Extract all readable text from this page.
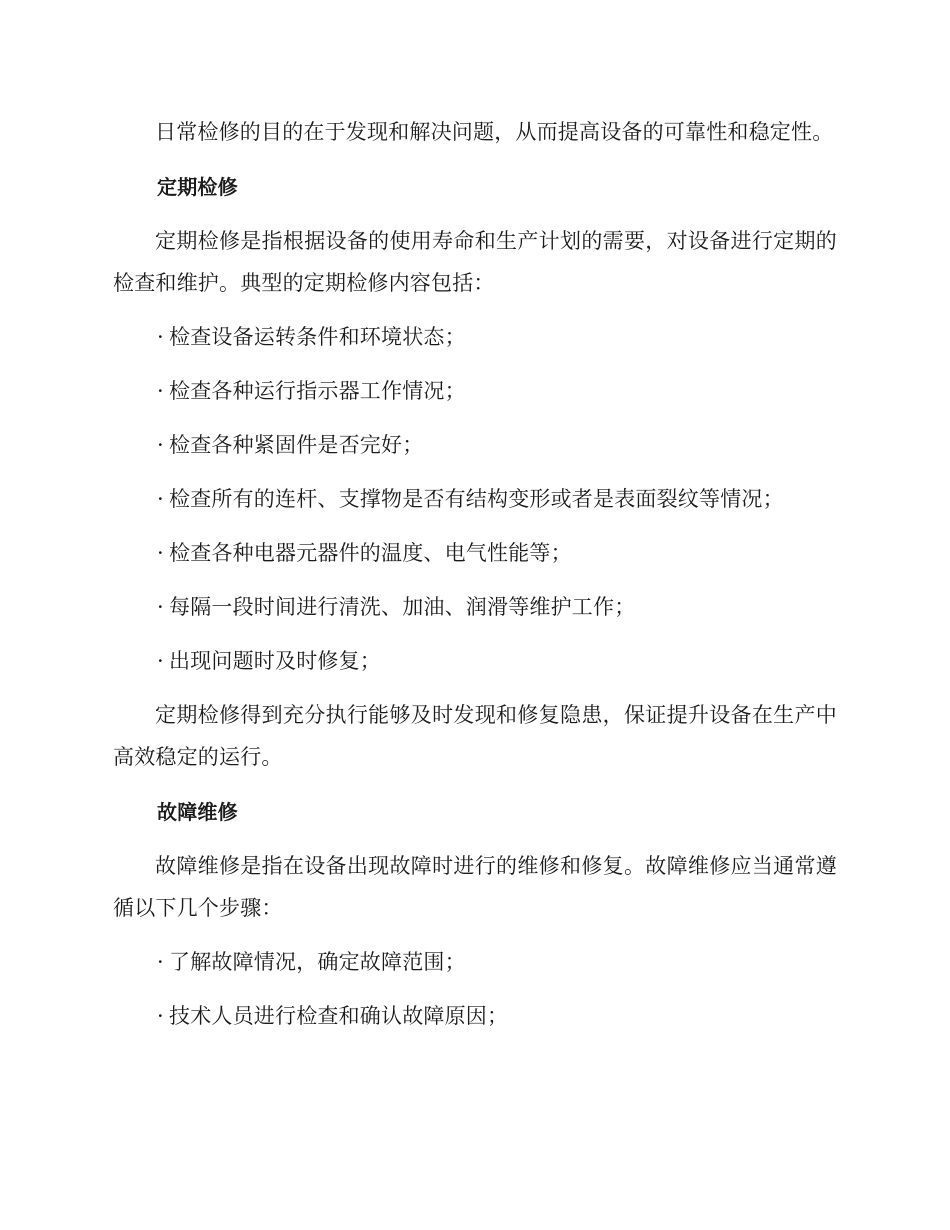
日常检修的目的在于发现和解决问题，从而提高设备的可靠性和稳定性。

定期检修

定期检修是指根据设备的使用寿命和生产计划的需要，对设备进行定期的检查和维护。典型的定期检修内容包括：

· 检查设备运转条件和环境状态；
· 检查各种运行指示器工作情况；
· 检查各种紧固件是否完好；
· 检查所有的连杆、支撑物是否有结构变形或者是表面裂纹等情况；
· 检查各种电器元器件的温度、电气性能等；
· 每隔一段时间进行清洗、加油、润滑等维护工作；
· 出现问题时及时修复；

定期检修得到充分执行能够及时发现和修复隐患，保证提升设备在生产中高效稳定的运行。

故障维修

故障维修是指在设备出现故障时进行的维修和修复。故障维修应当通常遵循以下几个步骤：

· 了解故障情况，确定故障范围；
· 技术人员进行检查和确认故障原因；
